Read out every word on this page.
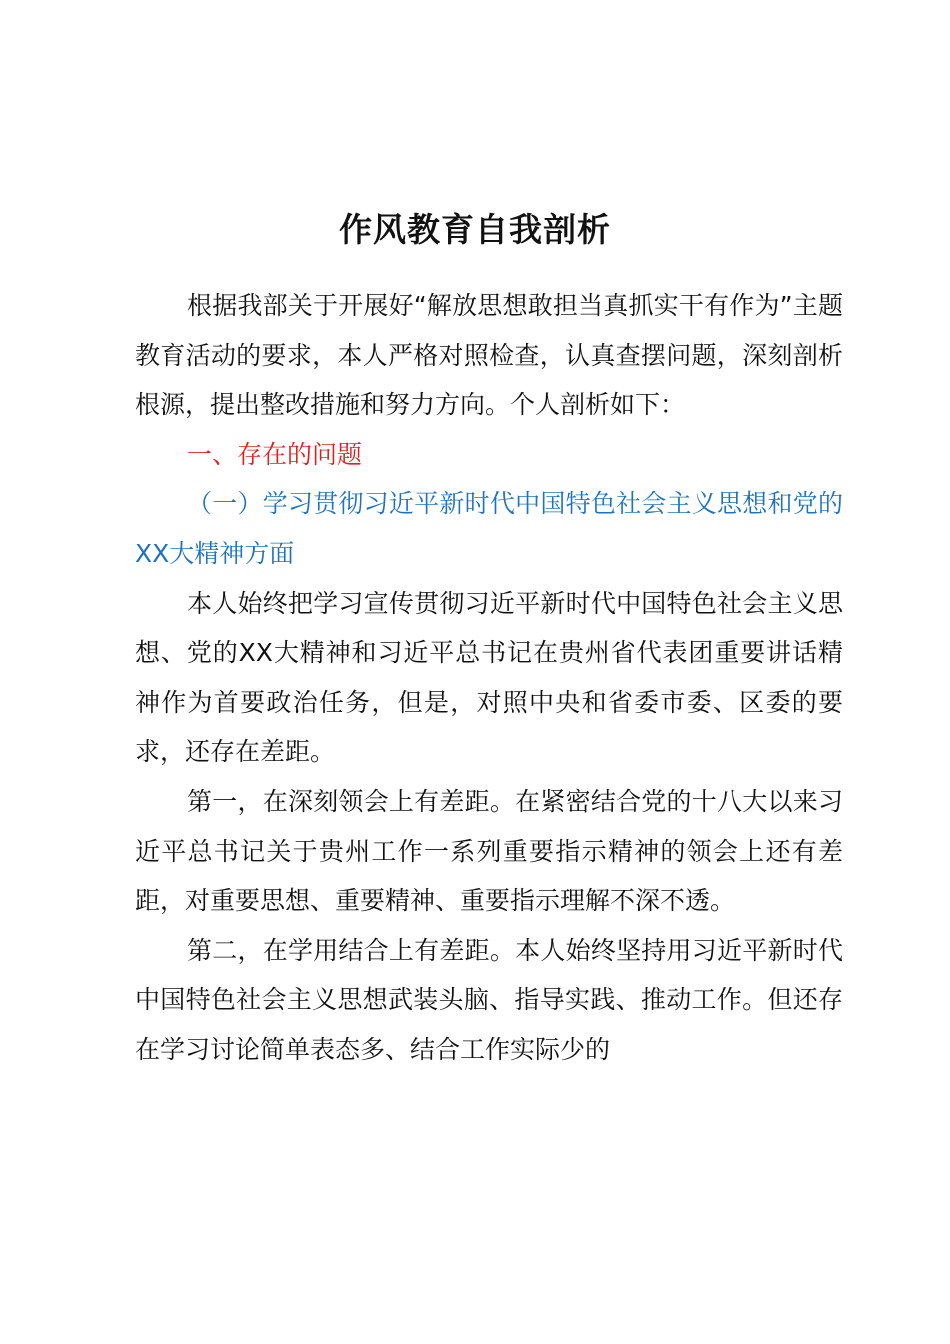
作风教育自我剖析

根据我部关于开展好“解放思想敢担当真抓实干有作为”主题教育活动的要求，本人严格对照检查，认真查摆问题，深刻剖析根源，提出整改措施和努力方向。个人剖析如下：

一、存在的问题

（一）学习贯彻习近平新时代中国特色社会主义思想和党的XX大精神方面

本人始终把学习宣传贯彻习近平新时代中国特色社会主义思想、党的XX大精神和习近平总书记在贵州省代表团重要讲话精神作为首要政治任务，但是，对照中央和省委市委、区委的要求，还存在差距。

第一，在深刻领会上有差距。在紧密结合党的十八大以来习近平总书记关于贵州工作一系列重要指示精神的领会上还有差距，对重要思想、重要精神、重要指示理解不深不透。

第二，在学用结合上有差距。本人始终坚持用习近平新时代中国特色社会主义思想武装头脑、指导实践、推动工作。但还存在学习讨论简单表态多、结合工作实际少的
